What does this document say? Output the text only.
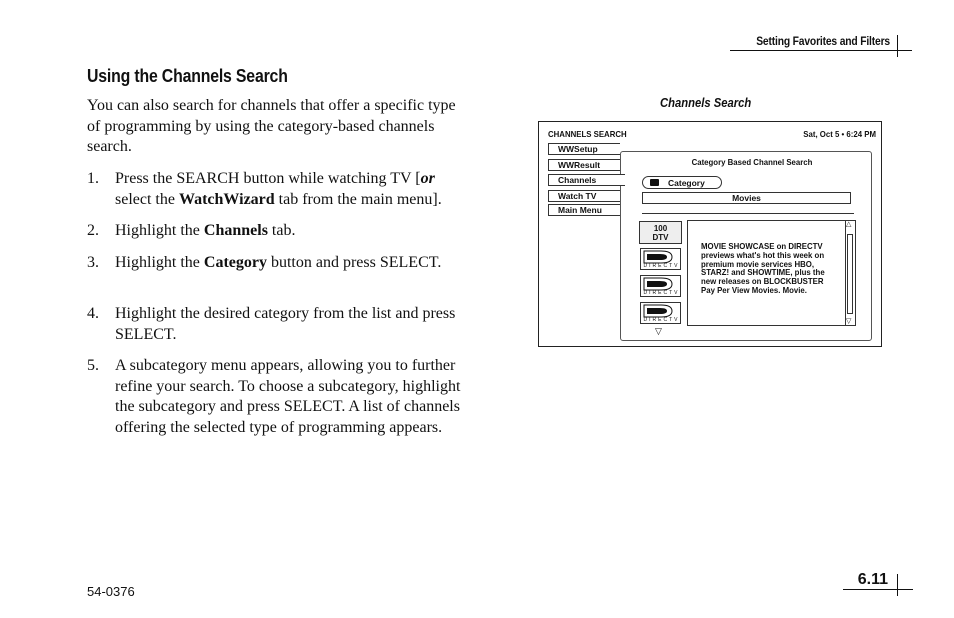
Setting Favorites and Filters
Using the Channels Search
You can also search for channels that offer a specific type of programming by using the category-based channels search.
1.	Press the SEARCH button while watching TV [or select the WatchWizard tab from the main menu].
2.	Highlight the Channels tab.
3.	Highlight the Category button and press SELECT.
4.	Highlight the desired category from the list and press SELECT.
5.	A subcategory menu appears, allowing you to further refine your search. To choose a subcategory, highlight the subcategory and press SELECT. A list of channels offering the selected type of programming appears.
Channels Search
CHANNELS SEARCH	Sat, Oct 5 • 6:24 PM
WWSetup
WWResult
Channels
Watch TV
Main Menu
Category Based Channel Search
Category
Movies
100
DTV
DIRECTV
DIRECTV
DIRECTV
▽
MOVIE SHOWCASE on DIRECTV previews what's hot this week on premium movie services HBO, STARZ! and SHOWTIME, plus the new releases on BLOCKBUSTER Pay Per View Movies. Movie.
△
▽
54-0376
6.11
